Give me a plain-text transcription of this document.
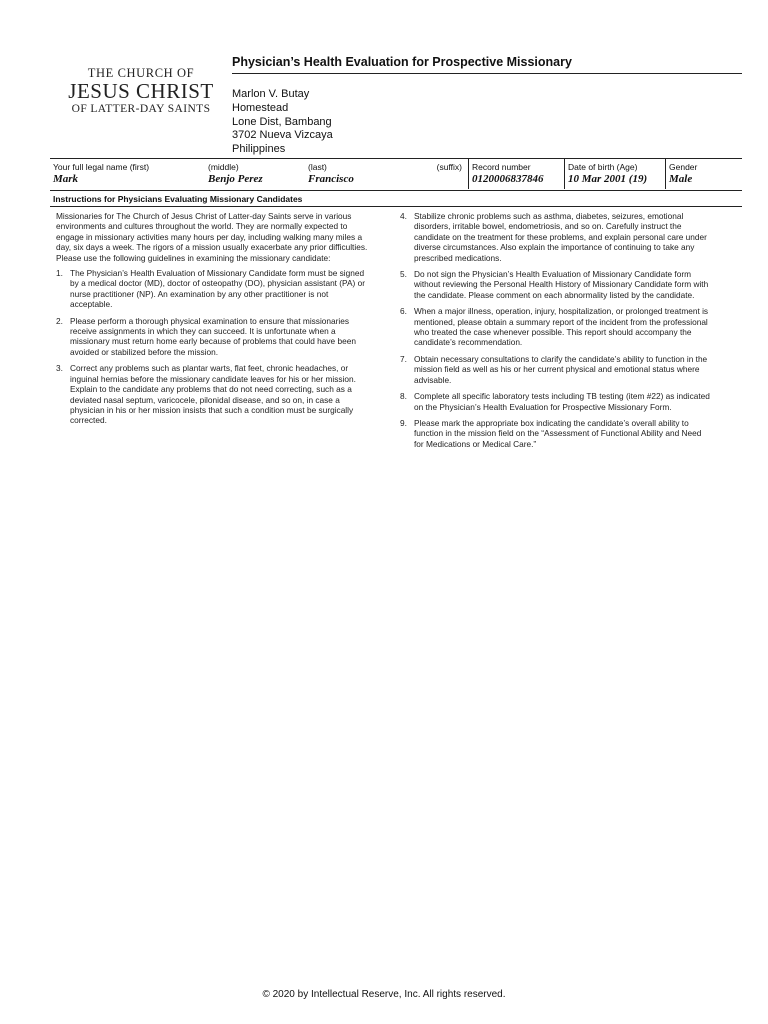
THE CHURCH OF
JESUS CHRIST
OF LATTER-DAY SAINTS
Physician’s Health Evaluation for Prospective Missionary
Marlon V. Butay
Homestead
Lone Dist, Bambang
3702 Nueva Vizcaya
Philippines
Your full legal name (first)
Mark
(middle)
Benjo Perez
(last)
Francisco
(suffix) Record number
0120006837846
Date of birth (Age)
10 Mar 2001 (19)
Gender
Male
Instructions for Physicians Evaluating Missionary Candidates

Missionaries for The Church of Jesus Christ of Latter-day Saints serve in various environments and cultures throughout the world. They are normally expected to engage in missionary activities many hours per day, including walking many miles a day, six days a week. The rigors of a mission usually exacerbate any prior difficulties. Please use the following guidelines in examining the missionary candidate:

1. The Physician’s Health Evaluation of Missionary Candidate form must be signed by a medical doctor (MD), doctor of osteopathy (DO), physician assistant (PA) or nurse practitioner (NP). An examination by any other practitioner is not acceptable.
2. Please perform a thorough physical examination to ensure that missionaries receive assignments in which they can succeed. It is unfortunate when a missionary must return home early because of problems that could have been avoided or stabilized before the mission.
3. Correct any problems such as plantar warts, flat feet, chronic headaches, or inguinal hernias before the missionary candidate leaves for his or her mission. Explain to the candidate any problems that do not need correcting, such as a deviated nasal septum, varicocele, pilonidal disease, and so on, in case a physician in his or her mission insists that such a condition must be surgically corrected.
4. Stabilize chronic problems such as asthma, diabetes, seizures, emotional disorders, irritable bowel, endometriosis, and so on. Carefully instruct the candidate on the treatment for these problems, and explain personal care under diverse circumstances. Also explain the importance of continuing to take any prescribed medications.
5. Do not sign the Physician’s Health Evaluation of Missionary Candidate form without reviewing the Personal Health History of Missionary Candidate form with the candidate. Please comment on each abnormality listed by the candidate.
6. When a major illness, operation, injury, hospitalization, or prolonged treatment is mentioned, please obtain a summary report of the incident from the professional who treated the case whenever possible. This report should accompany the candidate’s recommendation.
7. Obtain necessary consultations to clarify the candidate’s ability to function in the mission field as well as his or her current physical and emotional status where advisable.
8. Complete all specific laboratory tests including TB testing (item #22) as indicated on the Physician’s Health Evaluation for Prospective Missionary Form.
9. Please mark the appropriate box indicating the candidate’s overall ability to function in the mission field on the “Assessment of Functional Ability and Need for Medications or Medical Care.”
© 2020 by Intellectual Reserve, Inc. All rights reserved.
